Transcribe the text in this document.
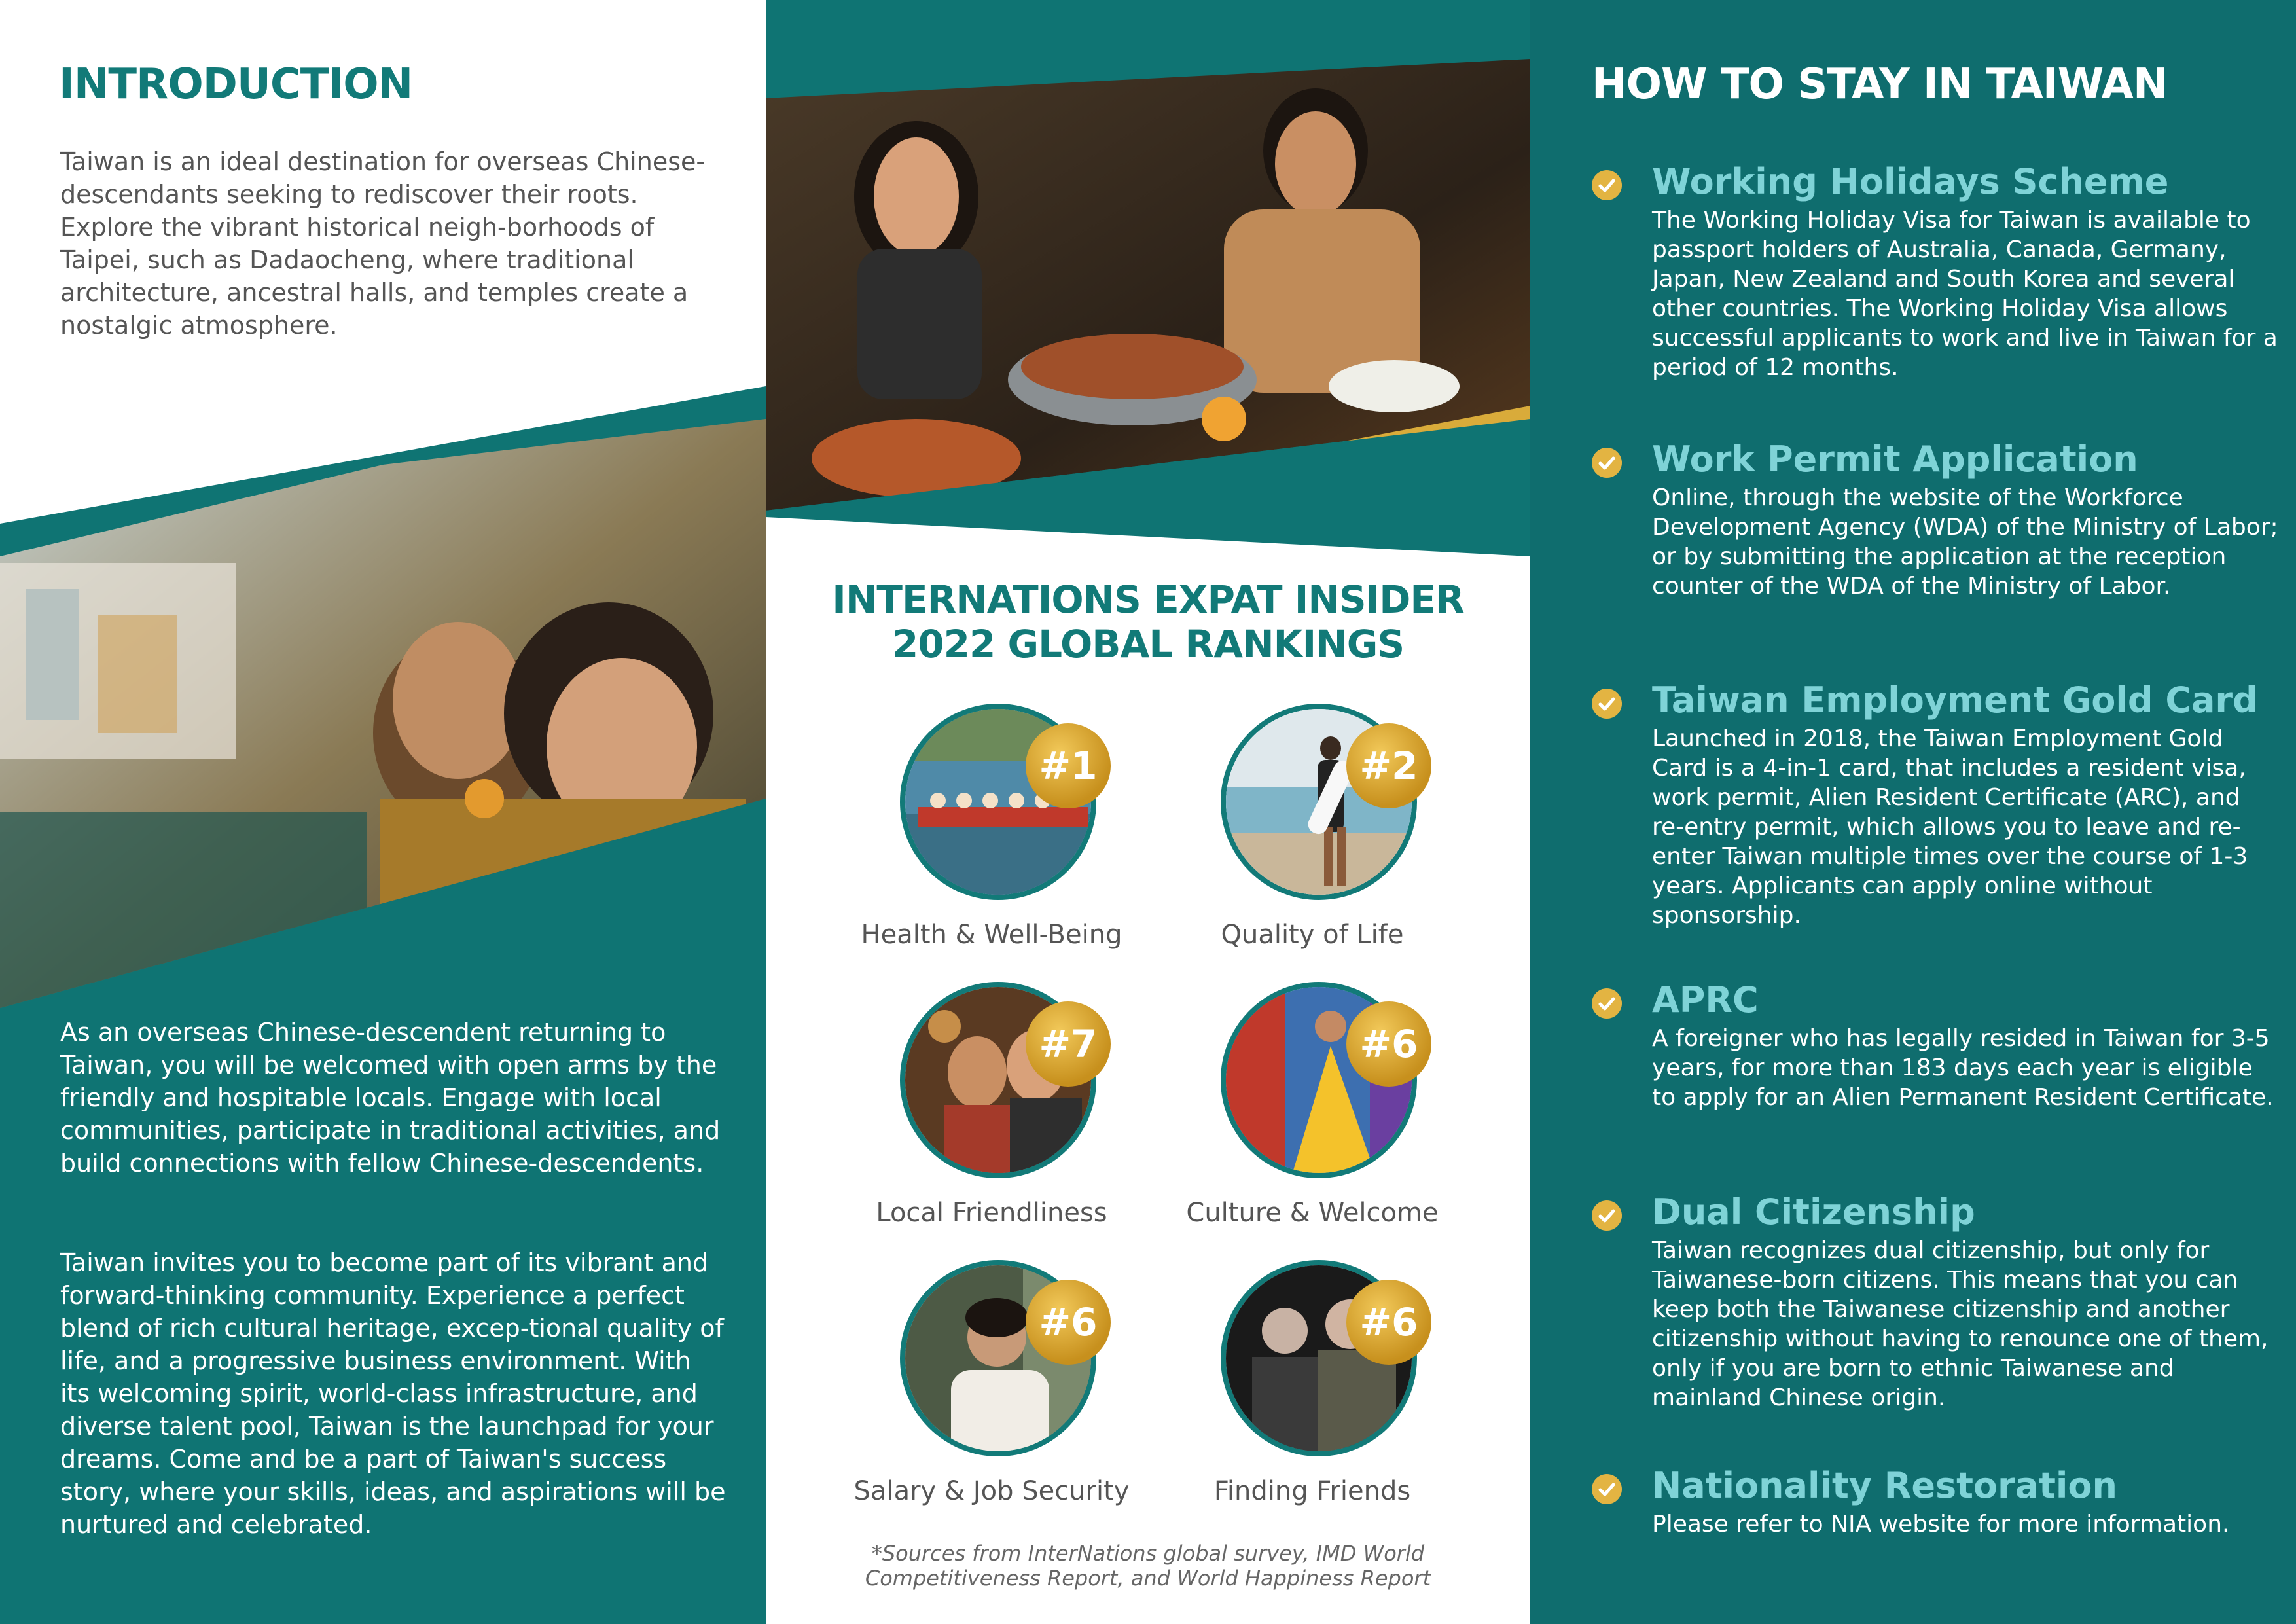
INTRODUCTION

Taiwan is an ideal destination for overseas Chinese-descendants seeking to rediscover their roots. Explore the vibrant historical neigh-borhoods of Taipei, such as Dadaocheng, where traditional architecture, ancestral halls, and temples create a nostalgic atmosphere.

As an overseas Chinese-descendent returning to Taiwan, you will be welcomed with open arms by the friendly and hospitable locals. Engage with local communities, participate in traditional activities, and build connections with fellow Chinese-descendents.

Taiwan invites you to become part of its vibrant and forward-thinking community. Experience a perfect blend of rich cultural heritage, excep-tional quality of life, and a progressive business environment. With its welcoming spirit, world-class infrastructure, and diverse talent pool, Taiwan is the launchpad for your dreams. Come and be a part of Taiwan's success story, where your skills, ideas, and aspirations will be nurtured and celebrated.

INTERNATIONS EXPAT INSIDER
2022 GLOBAL RANKINGS
#1
Health & Well-Being
#2
Quality of Life
#7
Local Friendliness
#6
Culture & Welcome
#6
Salary & Job Security
#6
Finding Friends

*Sources from InterNations global survey, IMD World
Competitiveness Report, and World Happiness Report

HOW TO STAY IN TAIWAN
Working Holidays Scheme

The Working Holiday Visa for Taiwan is available to passport holders of Australia, Canada, Germany, Japan, New Zealand and South Korea and several other countries. The Working Holiday Visa allows successful applicants to work and live in Taiwan for a period of 12 months.

Work Permit Application

Online, through the website of the Workforce Development Agency (WDA) of the Ministry of Labor; or by submitting the application at the reception counter of the WDA of the Ministry of Labor.

Taiwan Employment Gold Card

Launched in 2018, the Taiwan Employment Gold Card is a 4-in-1 card, that includes a resident visa, work permit, Alien Resident Certificate (ARC), and re-entry permit, which allows you to leave and re-enter Taiwan multiple times over the course of 1-3 years. Applicants can apply online without sponsorship.

APRC

A foreigner who has legally resided in Taiwan for 3-5 years, for more than 183 days each year is eligible to apply for an Alien Permanent Resident Certificate.

Dual Citizenship

Taiwan recognizes dual citizenship, but only for Taiwanese-born citizens. This means that you can keep both the Taiwanese citizenship and another citizenship without having to renounce one of them, only if you are born to ethnic Taiwanese and mainland Chinese origin.

Nationality Restoration

Please refer to NIA website for more information.
